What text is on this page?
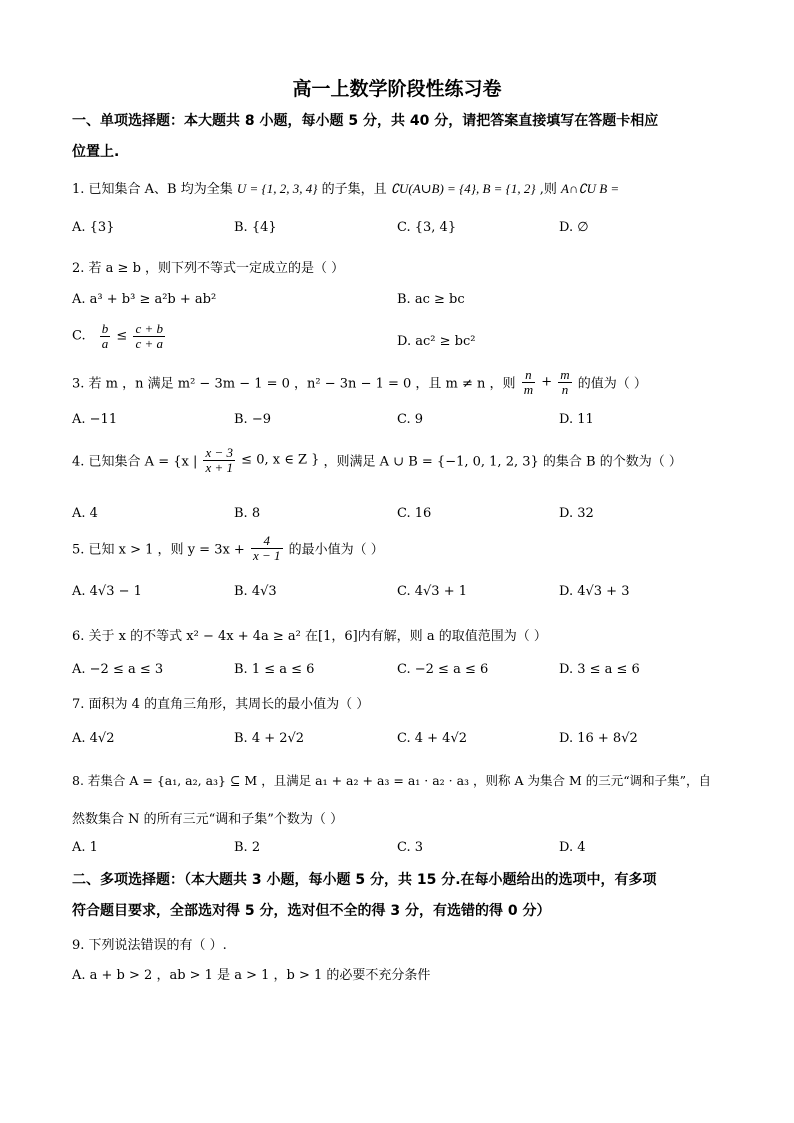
高一上数学阶段性练习卷
一、单项选择题：本大题共 8 小题，每小题 5 分，共 40 分，请把答案直接填写在答题卡相应
位置上.
1. 已知集合 A、B 均为全集 U = {1, 2, 3, 4} 的子集，且 ∁U(A∪B) = {4}, B = {1, 2} ,则 A∩∁U B =
A. {3}	B. {4}	C. {3, 4}	D. ∅
2. 若 a ≥ b ，则下列不等式一定成立的是（ ）
A. a³ + b³ ≥ a²b + ab²	B. ac ≥ bc
C. $\frac{b}{a} \le \frac{c + b}{c + a}$	D. ac² ≥ bc²
3. 若 m ，n 满足 m² − 3m − 1 = 0 ，n² − 3n − 1 = 0 ，且 m ≠ n ，则 $\frac{n}{m} + \frac{m}{n}$ 的值为（ ）
A. −11	B. −9	C. 9	D. 11
4. 已知集合 A = {x | $\frac{x - 3}{x + 1} \le 0$, x ∈ Z } ，则满足 A ∪ B = {−1, 0, 1, 2, 3} 的集合 B 的个数为（ ）
A. 4	B. 8	C. 16	D. 32
5. 已知 x > 1 ，则 $y = 3x + \frac{4}{x - 1}$ 的最小值为（ ）
A. 4√3 − 1	B. 4√3	C. 4√3 + 1	D. 4√3 + 3
6. 关于 x 的不等式 x² − 4x + 4a ≥ a² 在[1，6]内有解，则 a 的取值范围为（ ）
A. −2 ≤ a ≤ 3	B. 1 ≤ a ≤ 6	C. −2 ≤ a ≤ 6	D. 3 ≤ a ≤ 6
7. 面积为 4 的直角三角形，其周长的最小值为（ ）
A. 4√2	B. 4 + 2√2	C. 4 + 4√2	D. 16 + 8√2
8. 若集合 A = {a₁, a₂, a₃} ⊆ M ，且满足 a₁ + a₂ + a₃ = a₁ · a₂ · a₃ ，则称 A 为集合 M 的三元“调和子集”，自
然数集合 N 的所有三元“调和子集”个数为（ ）
A. 1	B. 2	C. 3	D. 4
二、多项选择题：（本大题共 3 小题，每小题 5 分，共 15 分.在每小题给出的选项中，有多项
符合题目要求，全部选对得 5 分，选对但不全的得 3 分，有选错的得 0 分）
9. 下列说法错误的有（ ）.
A. a + b > 2 ，ab > 1 是 a > 1 ，b > 1 的必要不充分条件
